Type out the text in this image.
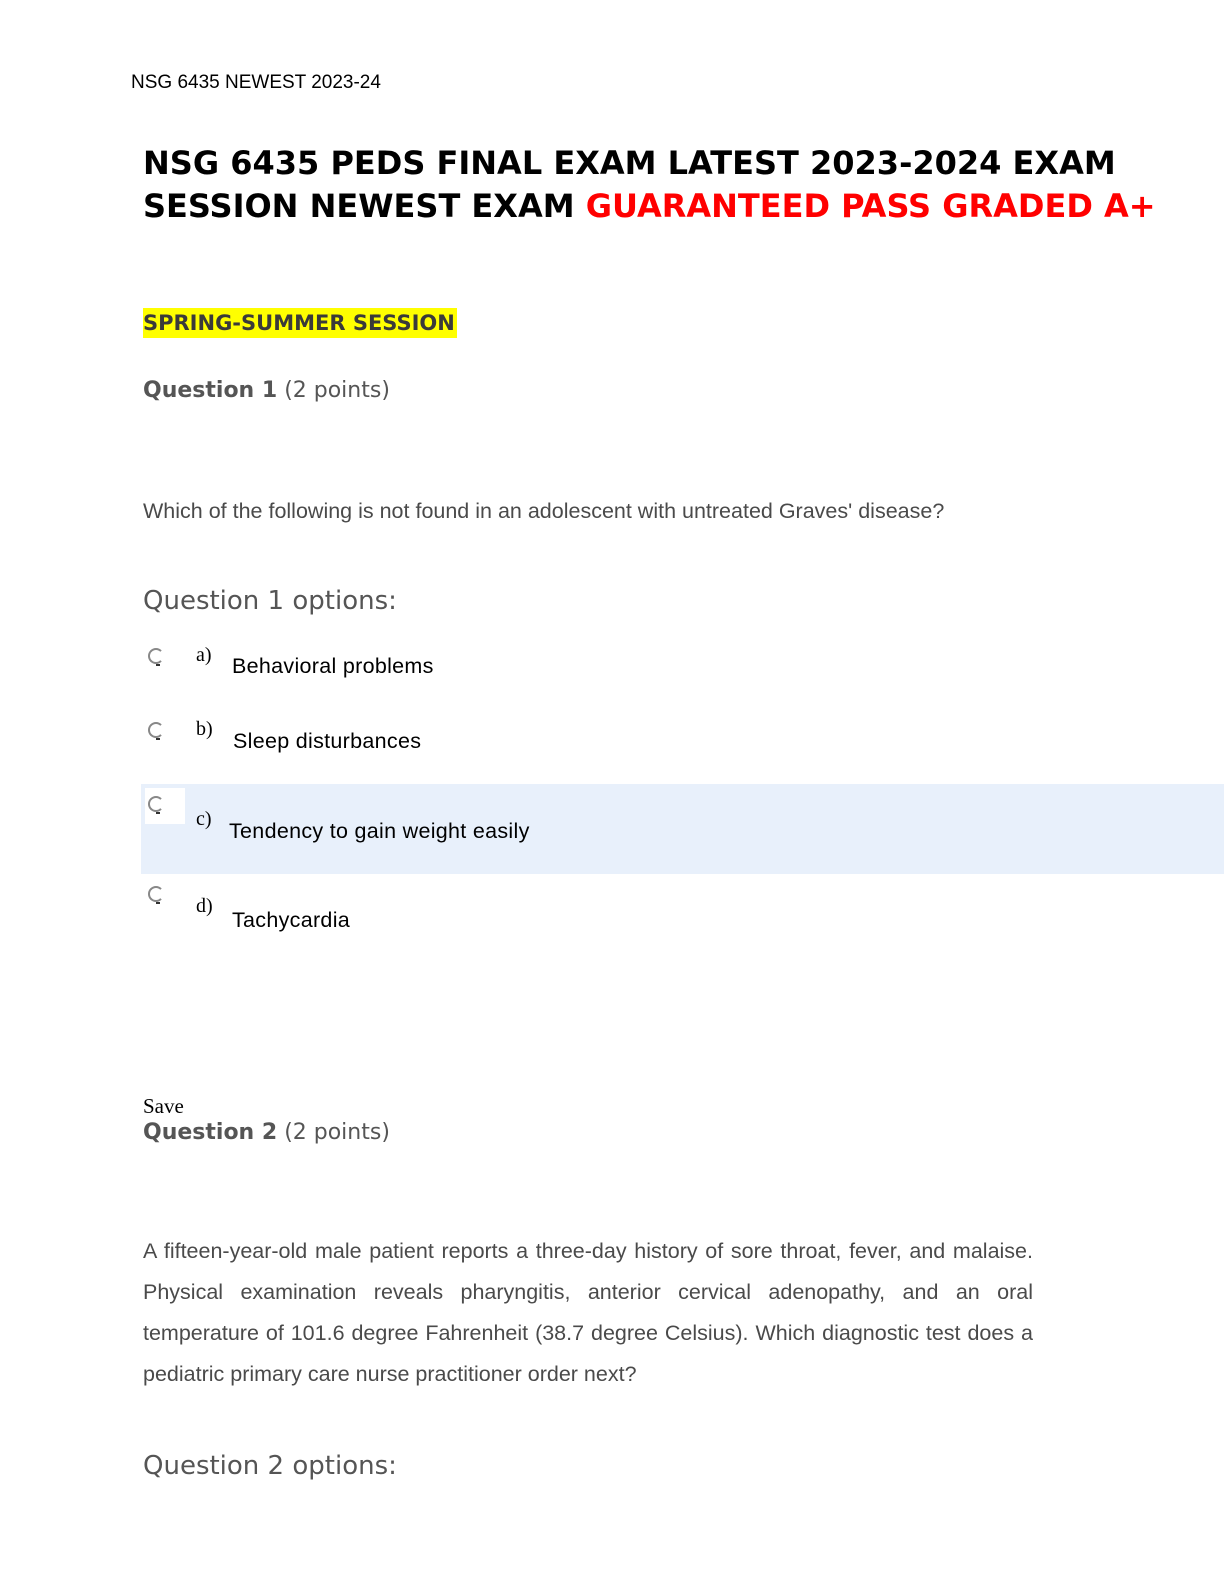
NSG 6435 NEWEST 2023-24
NSG 6435 PEDS FINAL EXAM LATEST 2023-2024 EXAM SESSION NEWEST EXAM GUARANTEED PASS GRADED A+
SPRING-SUMMER SESSION
Question 1 (2 points)
Which of the following is not found in an adolescent with untreated Graves' disease?
Question 1 options:
a) Behavioral problems
b) Sleep disturbances
c) Tendency to gain weight easily
d)
Tachycardia
Save
Question 2 (2 points)
A fifteen-year-old male patient reports a three-day history of sore throat, fever, and malaise. Physical examination reveals pharyngitis, anterior cervical adenopathy, and an oral temperature of 101.6 degree Fahrenheit (38.7 degree Celsius). Which diagnostic test does a pediatric primary care nurse practitioner order next?
Question 2 options:
